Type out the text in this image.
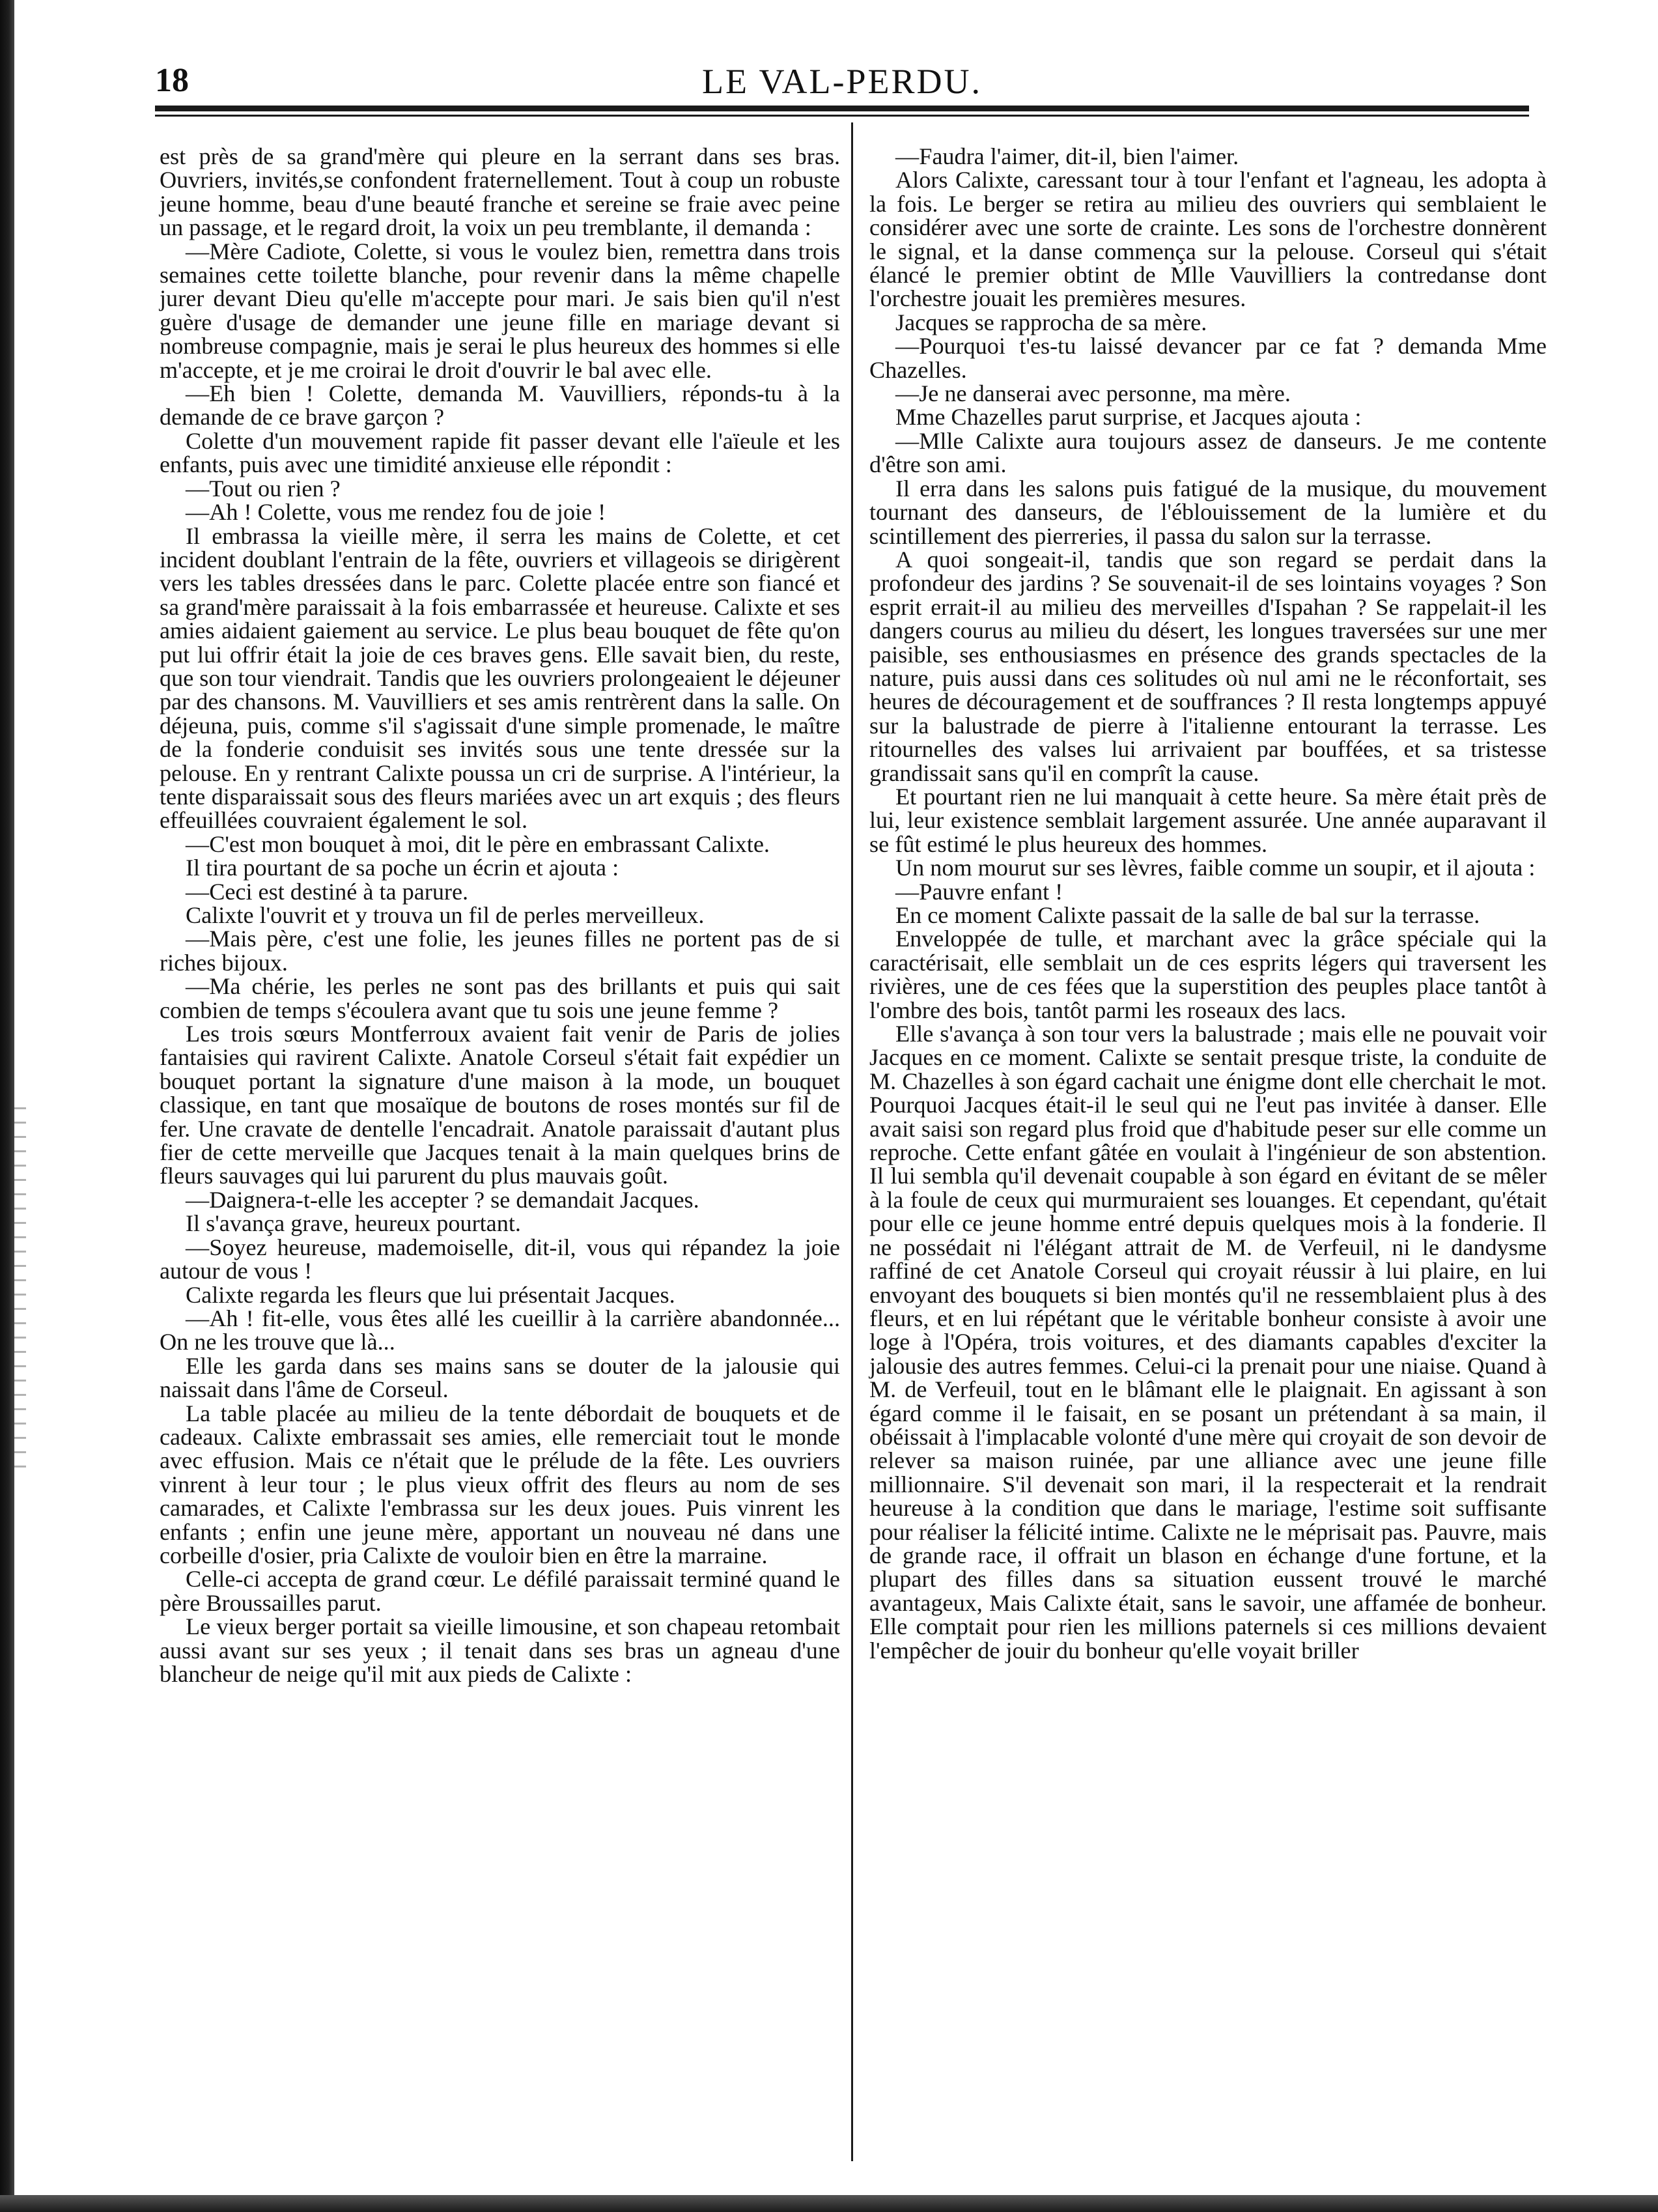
18	LE VAL-PERDU.

est près de sa grand'mère qui pleure en la serrant dans ses bras. Ouvriers, invités,se confondent fraternellement. Tout à coup un robuste jeune homme, beau d'une beauté franche et sereine se fraie avec peine un passage, et le regard droit, la voix un peu tremblante, il demanda :

—Mère Cadiote, Colette, si vous le voulez bien, remettra dans trois semaines cette toilette blanche, pour revenir dans la même chapelle jurer devant Dieu qu'elle m'accepte pour mari. Je sais bien qu'il n'est guère d'usage de demander une jeune fille en mariage devant si nombreuse compagnie, mais je serai le plus heureux des hommes si elle m'accepte, et je me croirai le droit d'ouvrir le bal avec elle.

—Eh bien ! Colette, demanda M. Vauvilliers, réponds-tu à la demande de ce brave garçon ?

Colette d'un mouvement rapide fit passer devant elle l'aïeule et les enfants, puis avec une timidité anxieuse elle répondit :

—Tout ou rien ?

—Ah ! Colette, vous me rendez fou de joie !

Il embrassa la vieille mère, il serra les mains de Colette, et cet incident doublant l'entrain de la fête, ouvriers et villageois se dirigèrent vers les tables dressées dans le parc. Colette placée entre son fiancé et sa grand'mère paraissait à la fois embarrassée et heureuse. Calixte et ses amies aidaient gaiement au service. Le plus beau bouquet de fête qu'on put lui offrir était la joie de ces braves gens. Elle savait bien, du reste, que son tour viendrait. Tandis que les ouvriers prolongeaient le déjeuner par des chansons. M. Vauvilliers et ses amis rentrèrent dans la salle. On déjeuna, puis, comme s'il s'agissait d'une simple promenade, le maître de la fonderie conduisit ses invités sous une tente dressée sur la pelouse. En y rentrant Calixte poussa un cri de surprise. A l'intérieur, la tente disparaissait sous des fleurs mariées avec un art exquis ; des fleurs effeuillées couvraient également le sol.

—C'est mon bouquet à moi, dit le père en embrassant Calixte.

Il tira pourtant de sa poche un écrin et ajouta :

—Ceci est destiné à ta parure.

Calixte l'ouvrit et y trouva un fil de perles merveilleux.

—Mais père, c'est une folie, les jeunes filles ne portent pas de si riches bijoux.

—Ma chérie, les perles ne sont pas des brillants et puis qui sait combien de temps s'écoulera avant que tu sois une jeune femme ?

Les trois sœurs Montferroux avaient fait venir de Paris de jolies fantaisies qui ravirent Calixte. Anatole Corseul s'était fait expédier un bouquet portant la signature d'une maison à la mode, un bouquet classique, en tant que mosaïque de boutons de roses montés sur fil de fer. Une cravate de dentelle l'encadrait. Anatole paraissait d'autant plus fier de cette merveille que Jacques tenait à la main quelques brins de fleurs sauvages qui lui parurent du plus mauvais goût.

—Daignera-t-elle les accepter ? se demandait Jacques.

Il s'avança grave, heureux pourtant.

—Soyez heureuse, mademoiselle, dit-il, vous qui répandez la joie autour de vous !

Calixte regarda les fleurs que lui présentait Jacques.

—Ah ! fit-elle, vous êtes allé les cueillir à la carrière abandonnée... On ne les trouve que là...

Elle les garda dans ses mains sans se douter de la jalousie qui naissait dans l'âme de Corseul.

La table placée au milieu de la tente débordait de bouquets et de cadeaux. Calixte embrassait ses amies, elle remerciait tout le monde avec effusion. Mais ce n'était que le prélude de la fête. Les ouvriers vinrent à leur tour ; le plus vieux offrit des fleurs au nom de ses camarades, et Calixte l'embrassa sur les deux joues. Puis vinrent les enfants ; enfin une jeune mère, apportant un nouveau né dans une corbeille d'osier, pria Calixte de vouloir bien en être la marraine.

Celle-ci accepta de grand cœur. Le défilé paraissait terminé quand le père Broussailles parut.

Le vieux berger portait sa vieille limousine, et son chapeau retombait aussi avant sur ses yeux ; il tenait dans ses bras un agneau d'une blancheur de neige qu'il mit aux pieds de Calixte :

—Faudra l'aimer, dit-il, bien l'aimer.

Alors Calixte, caressant tour à tour l'enfant et l'agneau, les adopta à la fois. Le berger se retira au milieu des ouvriers qui semblaient le considérer avec une sorte de crainte. Les sons de l'orchestre donnèrent le signal, et la danse commença sur la pelouse. Corseul qui s'était élancé le premier obtint de Mlle Vauvilliers la contredanse dont l'orchestre jouait les premières mesures.

Jacques se rapprocha de sa mère.

—Pourquoi t'es-tu laissé devancer par ce fat ? demanda Mme Chazelles.

—Je ne danserai avec personne, ma mère.

Mme Chazelles parut surprise, et Jacques ajouta :

—Mlle Calixte aura toujours assez de danseurs. Je me contente d'être son ami.

Il erra dans les salons puis fatigué de la musique, du mouvement tournant des danseurs, de l'éblouissement de la lumière et du scintillement des pierreries, il passa du salon sur la terrasse.

A quoi songeait-il, tandis que son regard se perdait dans la profondeur des jardins ? Se souvenait-il de ses lointains voyages ? Son esprit errait-il au milieu des merveilles d'Ispahan ? Se rappelait-il les dangers courus au milieu du désert, les longues traversées sur une mer paisible, ses enthousiasmes en présence des grands spectacles de la nature, puis aussi dans ces solitudes où nul ami ne le réconfortait, ses heures de découragement et de souffrances ? Il resta longtemps appuyé sur la balustrade de pierre à l'italienne entourant la terrasse. Les ritournelles des valses lui arrivaient par bouffées, et sa tristesse grandissait sans qu'il en comprît la cause.

Et pourtant rien ne lui manquait à cette heure. Sa mère était près de lui, leur existence semblait largement assurée. Une année auparavant il se fût estimé le plus heureux des hommes.

Un nom mourut sur ses lèvres, faible comme un soupir, et il ajouta :

—Pauvre enfant !

En ce moment Calixte passait de la salle de bal sur la terrasse.

Enveloppée de tulle, et marchant avec la grâce spéciale qui la caractérisait, elle semblait un de ces esprits légers qui traversent les rivières, une de ces fées que la superstition des peuples place tantôt à l'ombre des bois, tantôt parmi les roseaux des lacs.

Elle s'avança à son tour vers la balustrade ; mais elle ne pouvait voir Jacques en ce moment. Calixte se sentait presque triste, la conduite de M. Chazelles à son égard cachait une énigme dont elle cherchait le mot. Pourquoi Jacques était-il le seul qui ne l'eut pas invitée à danser. Elle avait saisi son regard plus froid que d'habitude peser sur elle comme un reproche. Cette enfant gâtée en voulait à l'ingénieur de son abstention. Il lui sembla qu'il devenait coupable à son égard en évitant de se mêler à la foule de ceux qui murmuraient ses louanges. Et cependant, qu'était pour elle ce jeune homme entré depuis quelques mois à la fonderie. Il ne possédait ni l'élégant attrait de M. de Verfeuil, ni le dandysme raffiné de cet Anatole Corseul qui croyait réussir à lui plaire, en lui envoyant des bouquets si bien montés qu'il ne ressemblaient plus à des fleurs, et en lui répétant que le véritable bonheur consiste à avoir une loge à l'Opéra, trois voitures, et des diamants capables d'exciter la jalousie des autres femmes. Celui-ci la prenait pour une niaise. Quand à M. de Verfeuil, tout en le blâmant elle le plaignait. En agissant à son égard comme il le faisait, en se posant un prétendant à sa main, il obéissait à l'implacable volonté d'une mère qui croyait de son devoir de relever sa maison ruinée, par une alliance avec une jeune fille millionnaire. S'il devenait son mari, il la respecterait et la rendrait heureuse à la condition que dans le mariage, l'estime soit suffisante pour réaliser la félicité intime. Calixte ne le méprisait pas. Pauvre, mais de grande race, il offrait un blason en échange d'une fortune, et la plupart des filles dans sa situation eussent trouvé le marché avantageux, Mais Calixte était, sans le savoir, une affamée de bonheur. Elle comptait pour rien les millions paternels si ces millions devaient l'empêcher de jouir du bonheur qu'elle voyait briller
